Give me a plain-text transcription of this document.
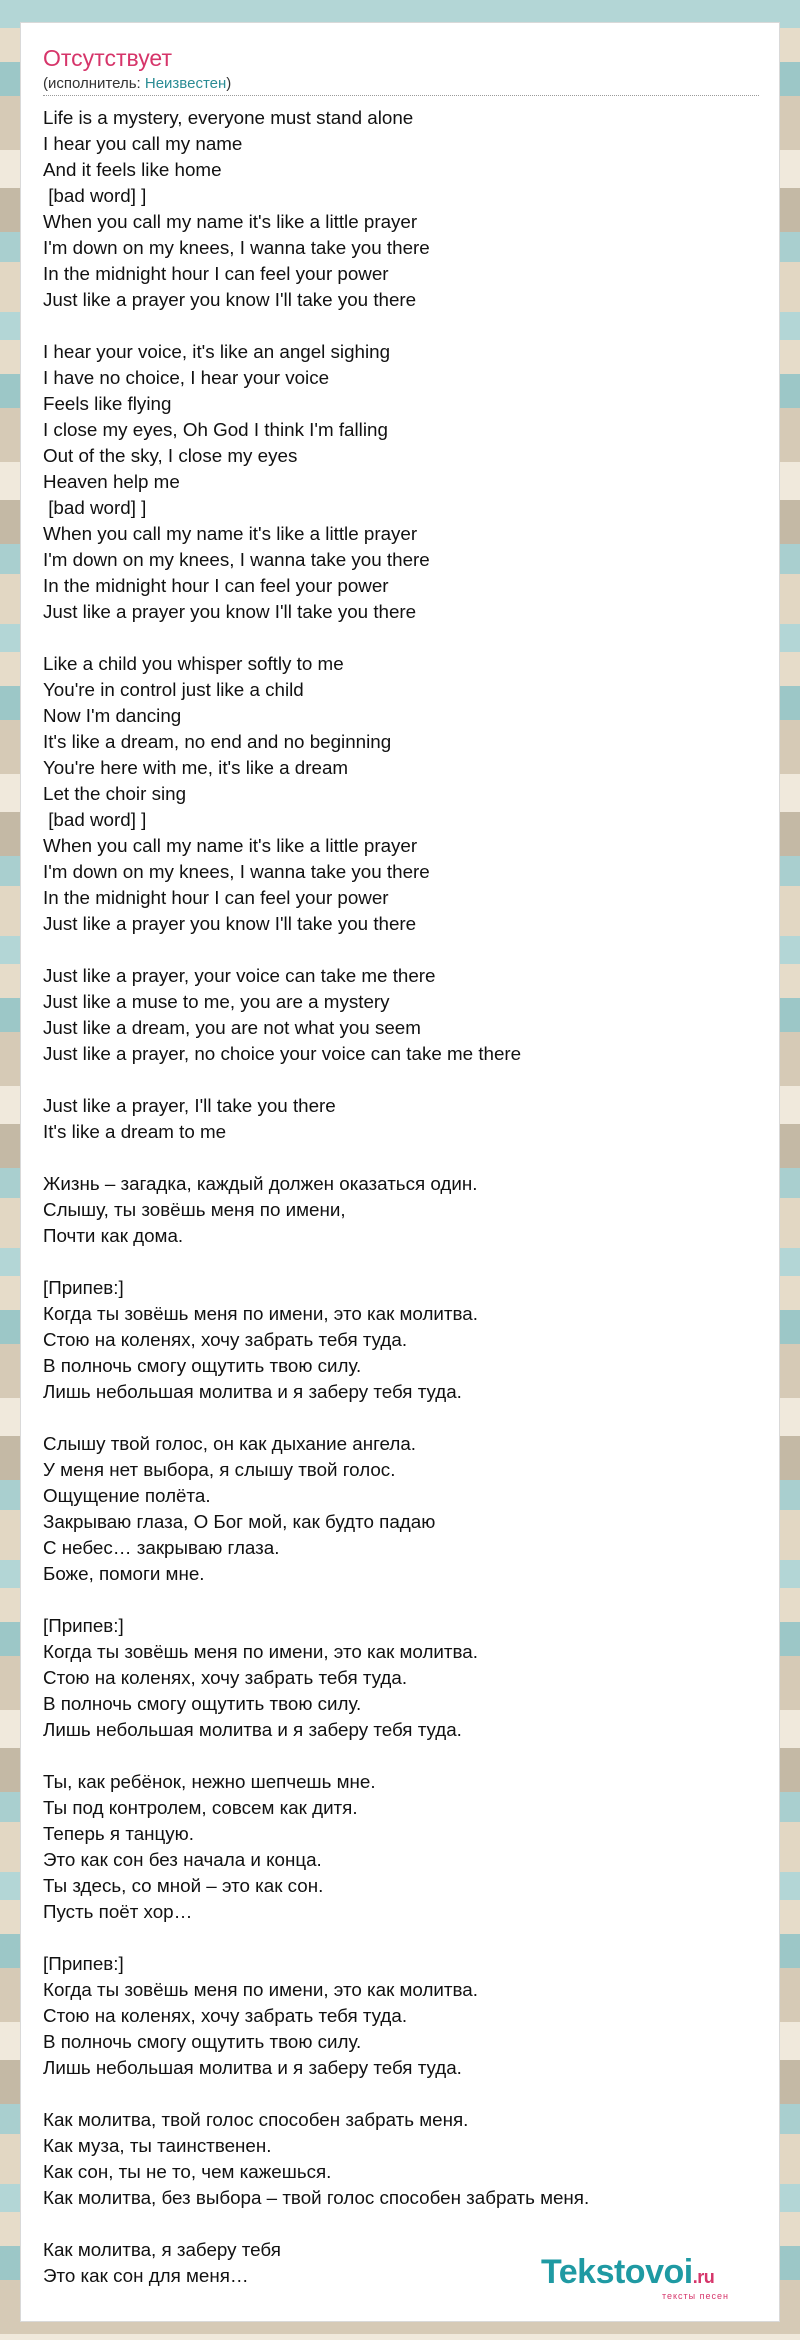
Отсутствует
(исполнитель: Неизвестен)
Life is a mystery, everyone must stand alone
I hear you call my name
And it feels like home
[bad word] ]
When you call my name it's like a little prayer
I'm down on my knees, I wanna take you there
In the midnight hour I can feel your power
Just like a prayer you know I'll take you there
I hear your voice, it's like an angel sighing
I have no choice, I hear your voice
Feels like flying
I close my eyes, Oh God I think I'm falling
Out of the sky, I close my eyes
Heaven help me
[bad word] ]
When you call my name it's like a little prayer
I'm down on my knees, I wanna take you there
In the midnight hour I can feel your power
Just like a prayer you know I'll take you there
Like a child you whisper softly to me
You're in control just like a child
Now I'm dancing
It's like a dream, no end and no beginning
You're here with me, it's like a dream
Let the choir sing
[bad word] ]
When you call my name it's like a little prayer
I'm down on my knees, I wanna take you there
In the midnight hour I can feel your power
Just like a prayer you know I'll take you there
Just like a prayer, your voice can take me there
Just like a muse to me, you are a mystery
Just like a dream, you are not what you seem
Just like a prayer, no choice your voice can take me there
Just like a prayer, I'll take you there
It's like a dream to me
Жизнь – загадка, каждый должен оказаться один.
Слышу, ты зовёшь меня по имени,
Почти как дома.
[Припев:]
Когда ты зовёшь меня по имени, это как молитва.
Стою на коленях, хочу забрать тебя туда.
В полночь смогу ощутить твою силу.
Лишь небольшая молитва и я заберу тебя туда.
Слышу твой голос, он как дыхание ангела.
У меня нет выбора, я слышу твой голос.
Ощущение полёта.
Закрываю глаза, О Бог мой, как будто падаю
С небес… закрываю глаза.
Боже, помоги мне.
[Припев:]
Когда ты зовёшь меня по имени, это как молитва.
Стою на коленях, хочу забрать тебя туда.
В полночь смогу ощутить твою силу.
Лишь небольшая молитва и я заберу тебя туда.
Ты, как ребёнок, нежно шепчешь мне.
Ты под контролем, совсем как дитя.
Теперь я танцую.
Это как сон без начала и конца.
Ты здесь, со мной – это как сон.
Пусть поёт хор…
[Припев:]
Когда ты зовёшь меня по имени, это как молитва.
Стою на коленях, хочу забрать тебя туда.
В полночь смогу ощутить твою силу.
Лишь небольшая молитва и я заберу тебя туда.
Как молитва, твой голос способен забрать меня.
Как муза, ты таинственен.
Как сон, ты не то, чем кажешься.
Как молитва, без выбора – твой голос способен забрать меня.
Как молитва, я заберу тебя
Это как сон для меня…	Tekstovoi.ru
тексты песен
